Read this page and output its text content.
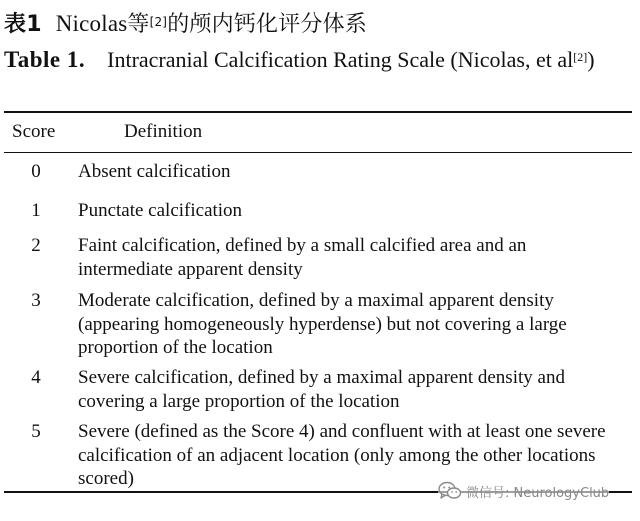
表1 Nicolas等[2]的颅内钙化评分体系
Table 1. Intracranial Calcification Rating Scale (Nicolas, et al[2])
Score	Definition
0	Absent calcification
1	Punctate calcification
2	Faint calcification, defined by a small calcified area and an intermediate apparent density
3	Moderate calcification, defined by a maximal apparent density (appearing homogeneously hyperdense) but not covering a large proportion of the location
4	Severe calcification, defined by a maximal apparent density and covering a large proportion of the location
5	Severe (defined as the Score 4) and confluent with at least one severe calcification of an adjacent location (only among the other locations scored)
微信号: NeurologyClub
